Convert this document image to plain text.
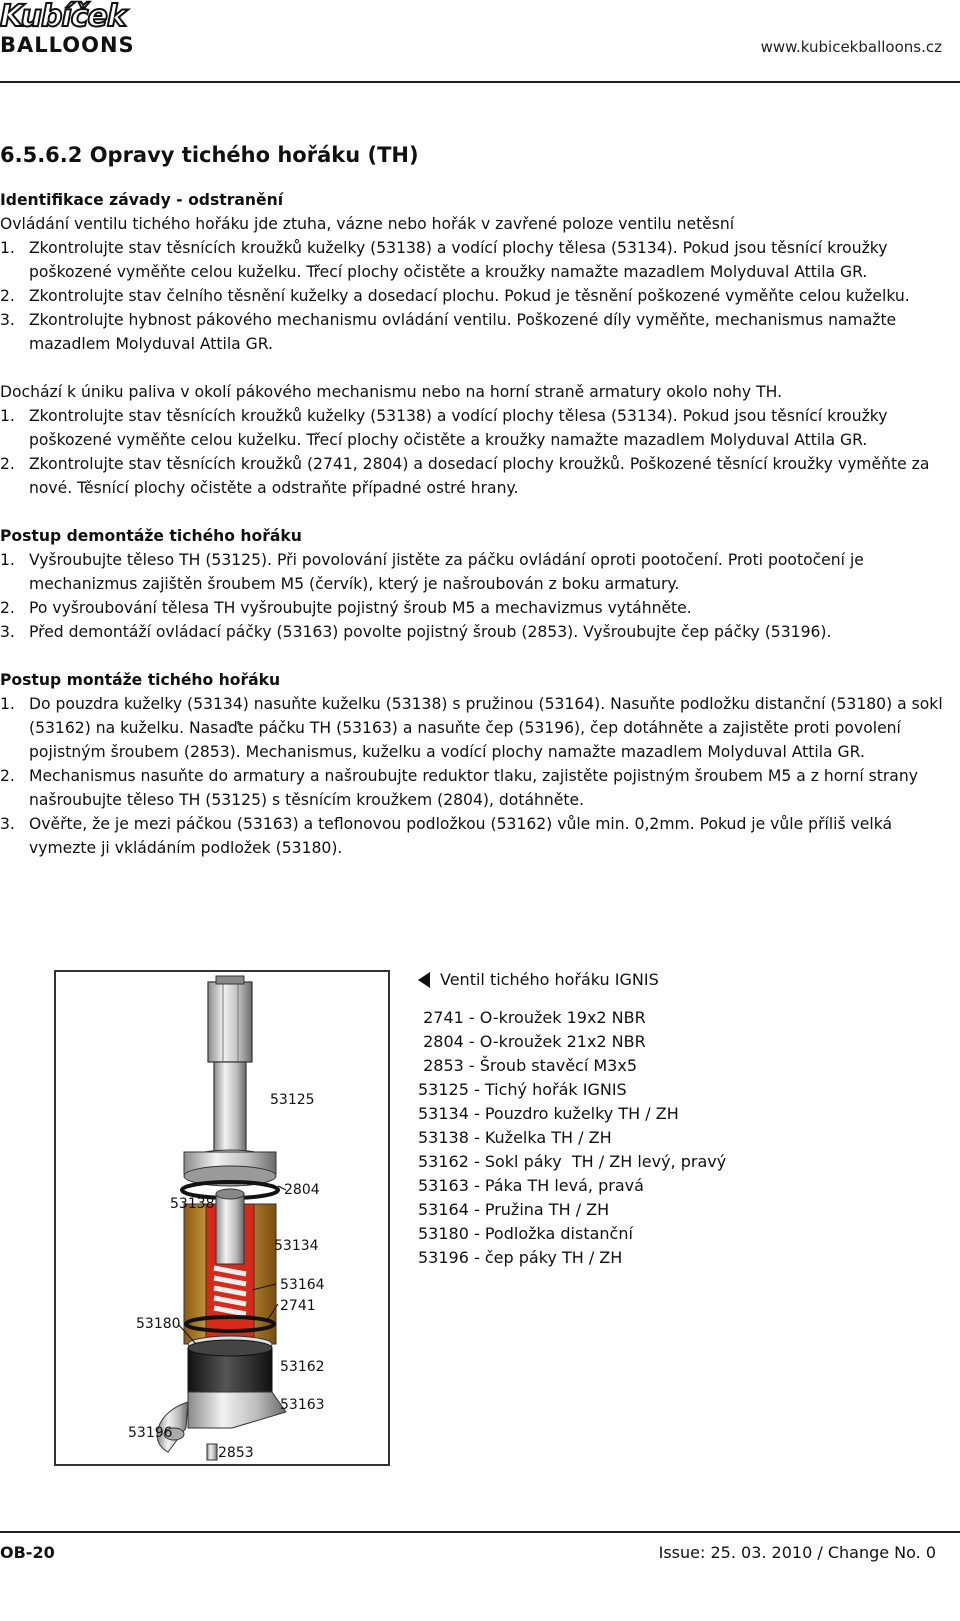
Kubíček
BALLOONS	www.kubicekballoons.cz
6.5.6.2 Opravy tichého hořáku (TH)
Identifikace závady - odstranění
Ovládání ventilu tichého hořáku jde ztuha, vázne nebo hořák v zavřené poloze ventilu netěsní
1. Zkontrolujte stav těsnících kroužků kuželky (53138) a vodící plochy tělesa (53134). Pokud jsou těsnící kroužky poškozené vyměňte celou kuželku. Třecí plochy očistěte a kroužky namažte mazadlem Molyduval Attila GR.
2. Zkontrolujte stav čelního těsnění kuželky a dosedací plochu. Pokud je těsnění poškozené vyměňte celou kuželku.
3. Zkontrolujte hybnost pákového mechanismu ovládání ventilu. Poškozené díly vyměňte, mechanismus namažte mazadlem Molyduval Attila GR.
Dochází k úniku paliva v okolí pákového mechanismu nebo na horní straně armatury okolo nohy TH.
1. Zkontrolujte stav těsnících kroužků kuželky (53138) a vodící plochy tělesa (53134). Pokud jsou těsnící kroužky poškozené vyměňte celou kuželku. Třecí plochy očistěte a kroužky namažte mazadlem Molyduval Attila GR.
2. Zkontrolujte stav těsnících kroužků (2741, 2804) a dosedací plochy kroužků. Poškozené těsnící kroužky vyměňte za nové. Těsnící plochy očistěte a odstraňte případné ostré hrany.
Postup demontáže tichého hořáku
1. Vyšroubujte těleso TH (53125). Při povolování jistěte za páčku ovládání oproti pootočení. Proti pootočení je mechanizmus zajištěn šroubem M5 (červík), který je našroubován z boku armatury.
2. Po vyšroubování tělesa TH vyšroubujte pojistný šroub M5 a mechavizmus vytáhněte.
3. Před demontáží ovládací páčky (53163) povolte pojistný šroub (2853). Vyšroubujte čep páčky (53196).
Postup montáže tichého hořáku
1. Do pouzdra kuželky (53134) nasuňte kuželku (53138) s pružinou (53164). Nasuňte podložku distanční (53180) a sokl (53162) na kuželku. Nasaďte páčku TH (53163) a nasuňte čep (53196), čep dotáhněte a zajistěte proti povolení pojistným šroubem (2853). Mechanismus, kuželku a vodící plochy namažte mazadlem Molyduval Attila GR.
2. Mechanismus nasuňte do armatury a našroubujte reduktor tlaku, zajistěte pojistným šroubem M5 a z horní strany našroubujte těleso TH (53125) s těsnícím kroužkem (2804), dotáhněte.
3. Ověřte, že je mezi páčkou (53163) a teflonovou podložkou (53162) vůle min. 0,2mm. Pokud je vůle příliš velká vymezte ji vkládáním podložek (53180).
53125
2804
53138
53134
53164
2741
53180
53162
53163
53196
2853
Ventil tichého hořáku IGNIS
2741 - O-kroužek 19x2 NBR
2804 - O-kroužek 21x2 NBR
2853 - Šroub stavěcí M3x5
53125 - Tichý hořák IGNIS
53134 - Pouzdro kuželky TH / ZH
53138 - Kuželka TH / ZH
53162 - Sokl páky  TH / ZH levý, pravý
53163 - Páka TH levá, pravá
53164 - Pružina TH / ZH
53180 - Podložka distanční
53196 - čep páky TH / ZH
OB-20	Issue: 25. 03. 2010 / Change No. 0
